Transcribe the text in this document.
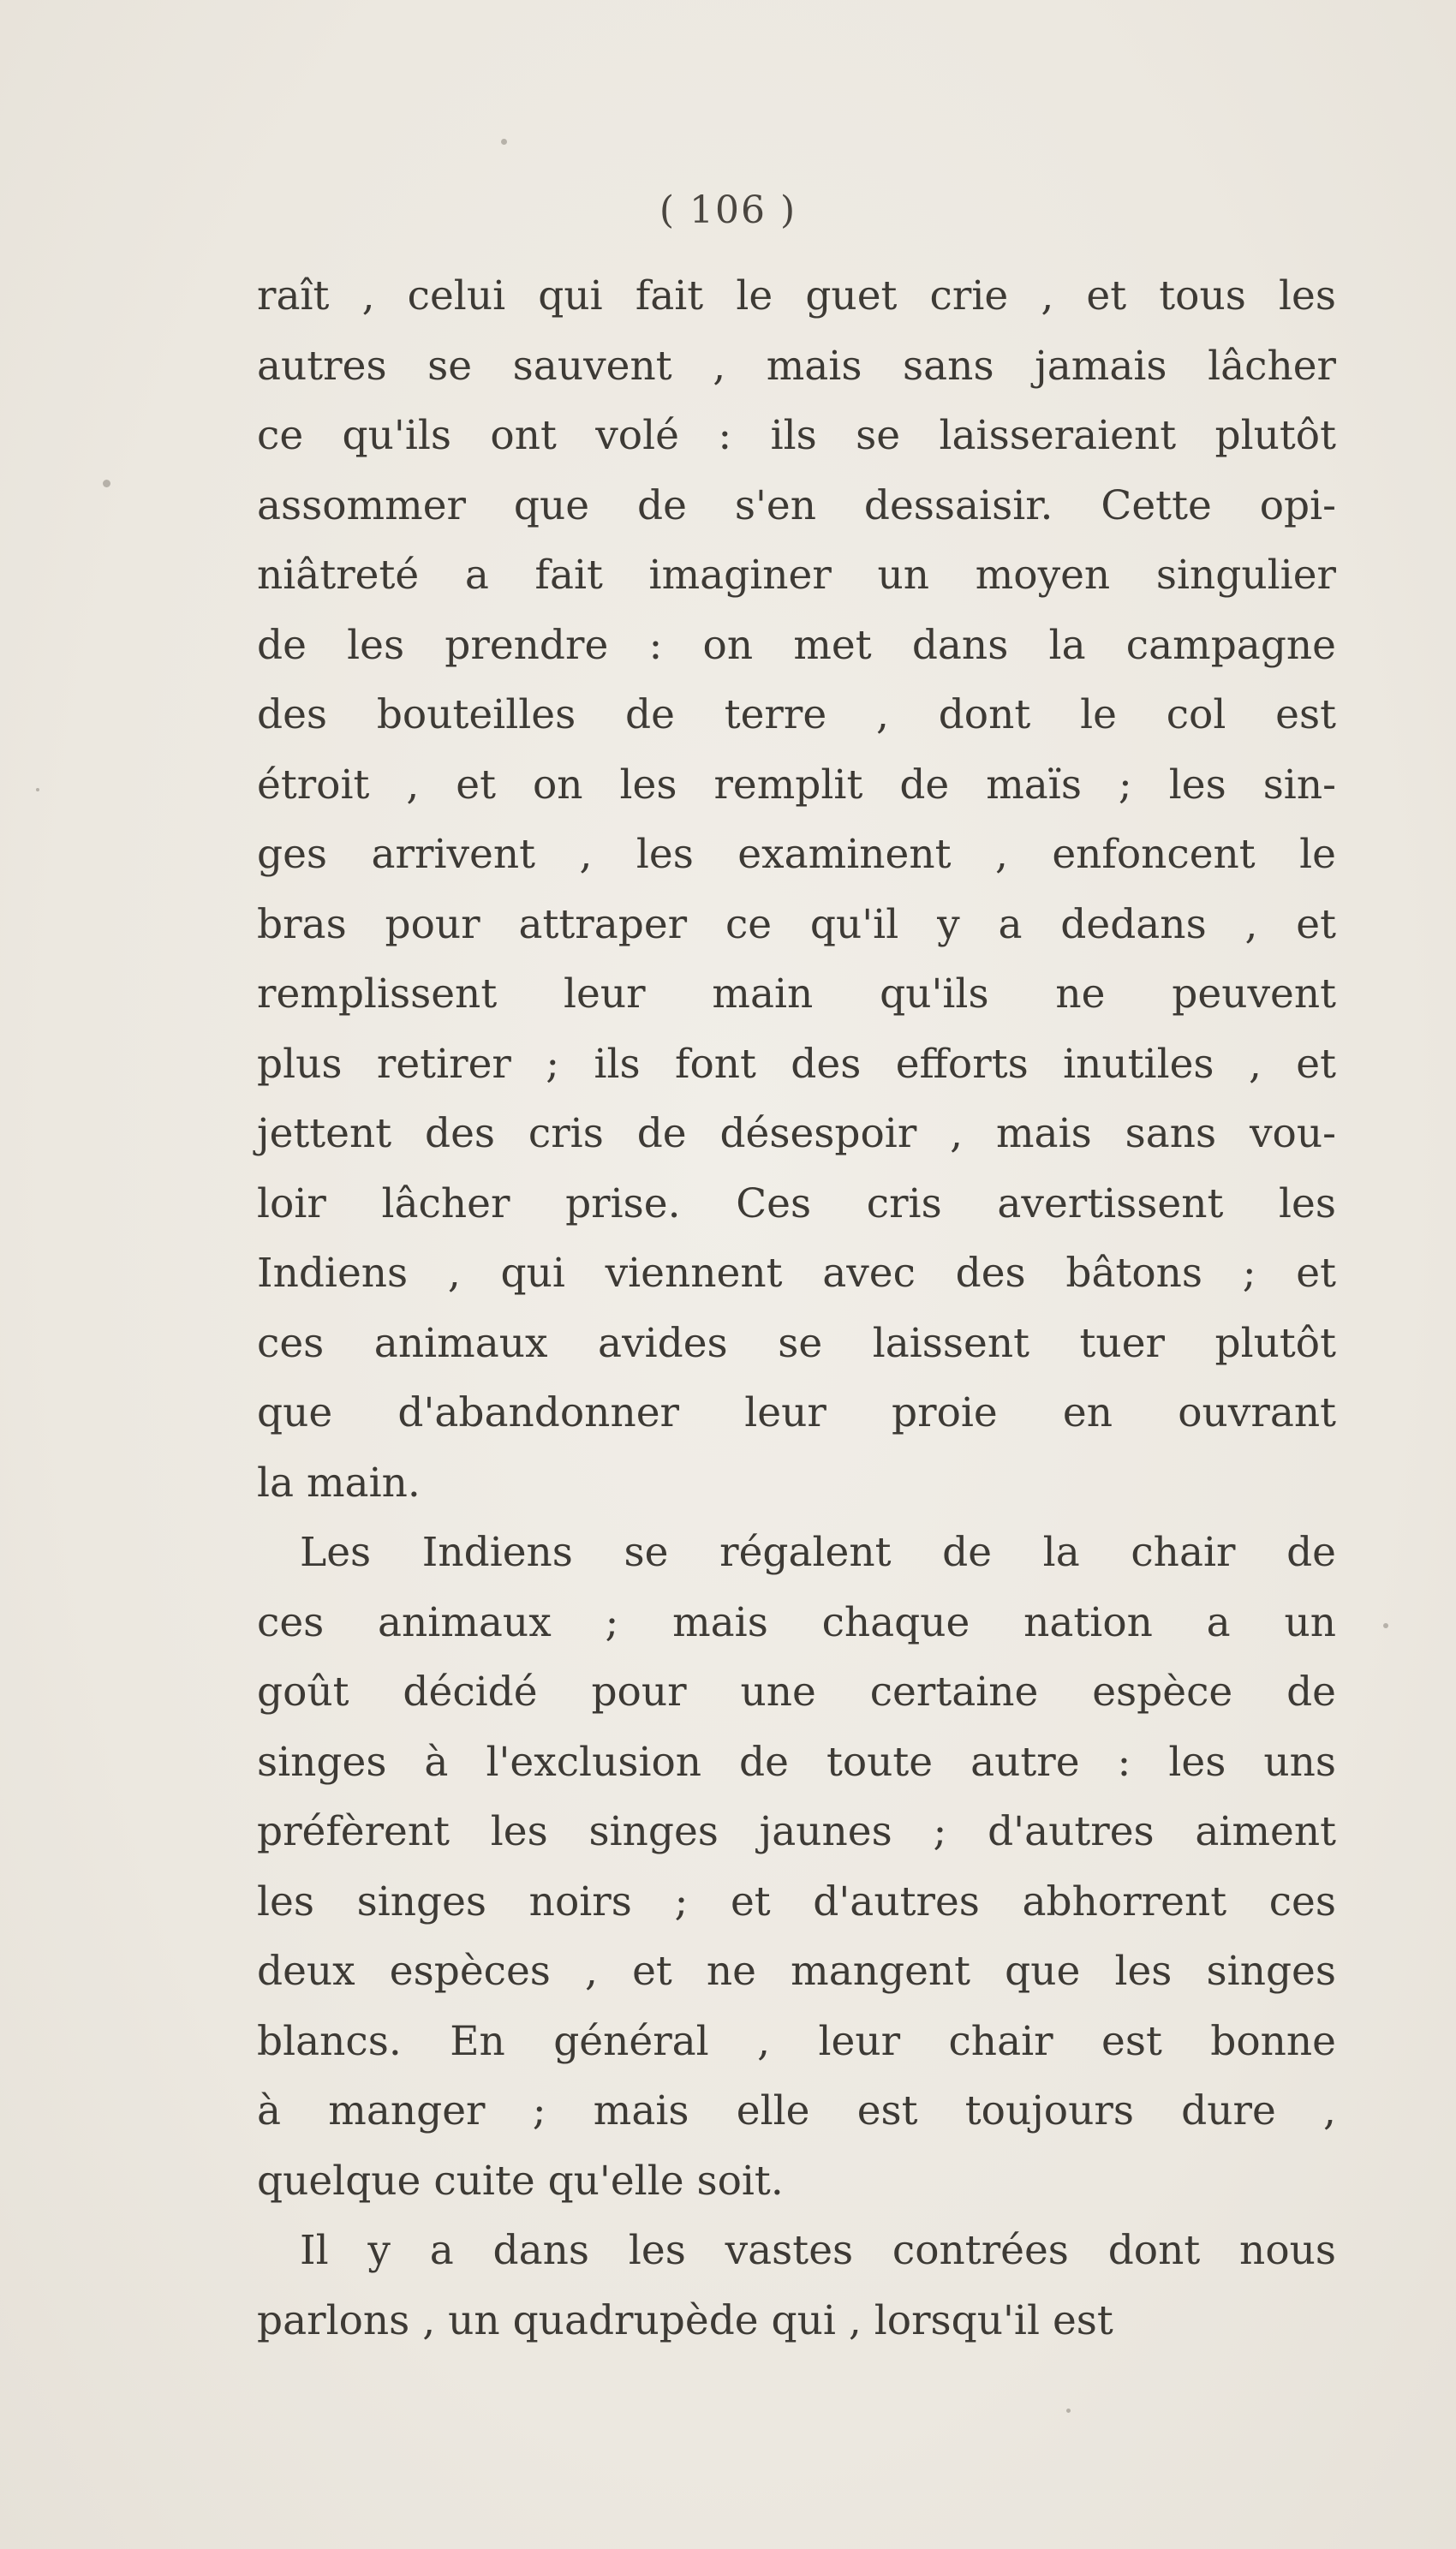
( 106 )
raît , celui qui fait le guet crie , et tous les
autres se sauvent , mais sans jamais lâcher
ce qu'ils ont volé : ils se laisseraient plutôt
assommer que de s'en dessaisir. Cette opi-
niâtreté a fait imaginer un moyen singulier
de les prendre : on met dans la campagne
des bouteilles de terre , dont le col est
étroit , et on les remplit de maïs ; les sin-
ges arrivent , les examinent , enfoncent le
bras pour attraper ce qu'il y a dedans , et
remplissent leur main qu'ils ne peuvent
plus retirer ; ils font des efforts inutiles , et
jettent des cris de désespoir , mais sans vou-
loir lâcher prise. Ces cris avertissent les
Indiens , qui viennent avec des bâtons ; et
ces animaux avides se laissent tuer plutôt
que d'abandonner leur proie en ouvrant
la main.
Les Indiens se régalent de la chair de
ces animaux ; mais chaque nation a un
goût décidé pour une certaine espèce de
singes à l'exclusion de toute autre : les uns
préfèrent les singes jaunes ; d'autres aiment
les singes noirs ; et d'autres abhorrent ces
deux espèces , et ne mangent que les singes
blancs. En général , leur chair est bonne
à manger ; mais elle est toujours dure ,
quelque cuite qu'elle soit.
Il y a dans les vastes contrées dont nous
parlons , un quadrupède qui , lorsqu'il est
